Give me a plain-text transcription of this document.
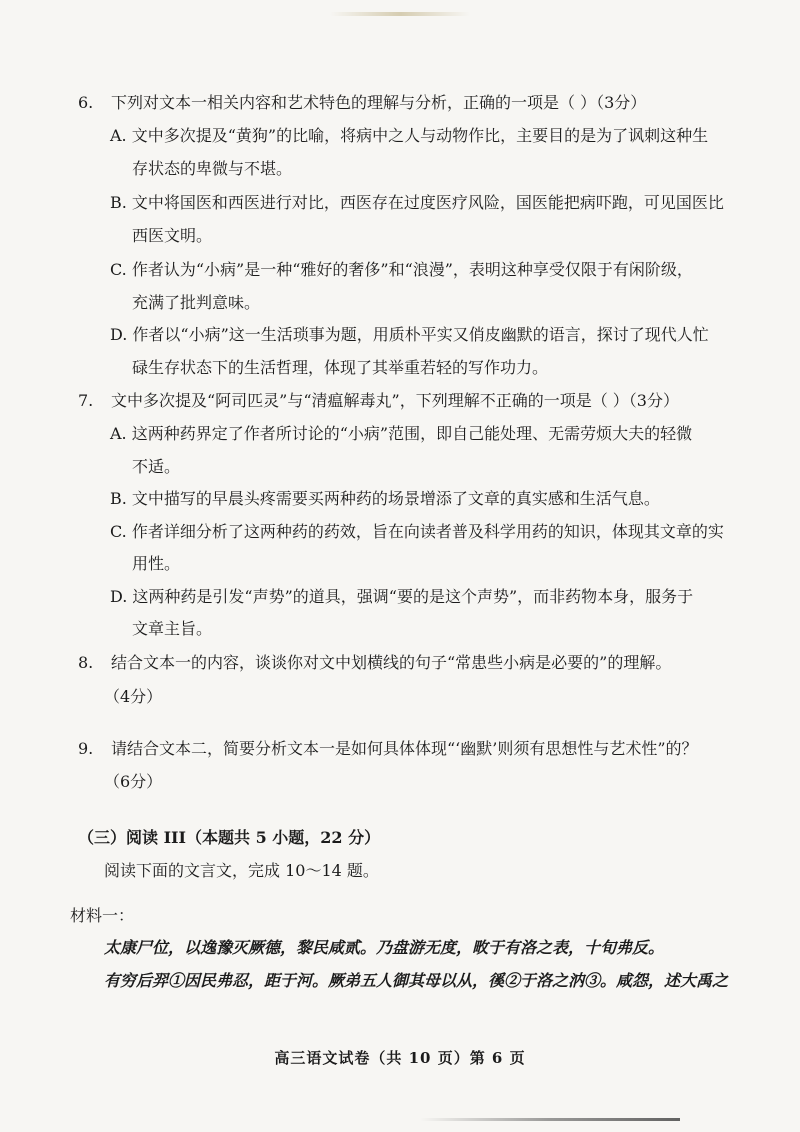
6. 下列对文本一相关内容和艺术特色的理解与分析，正确的一项是（ ）（3分）
A. 文中多次提及“黄狗”的比喻，将病中之人与动物作比，主要目的是为了讽刺这种生
存状态的卑微与不堪。
B. 文中将国医和西医进行对比，西医存在过度医疗风险，国医能把病吓跑，可见国医比
西医文明。
C. 作者认为“小病”是一种“雅好的奢侈”和“浪漫”，表明这种享受仅限于有闲阶级，
充满了批判意味。
D. 作者以“小病”这一生活琐事为题，用质朴平实又俏皮幽默的语言，探讨了现代人忙
碌生存状态下的生活哲理，体现了其举重若轻的写作功力。
7. 文中多次提及“阿司匹灵”与“清瘟解毒丸”，下列理解不正确的一项是（ ）（3分）
A. 这两种药界定了作者所讨论的“小病”范围，即自己能处理、无需劳烦大夫的轻微
不适。
B. 文中描写的早晨头疼需要买两种药的场景增添了文章的真实感和生活气息。
C. 作者详细分析了这两种药的药效，旨在向读者普及科学用药的知识，体现其文章的实
用性。
D. 这两种药是引发“声势”的道具，强调“要的是这个声势”，而非药物本身，服务于
文章主旨。
8. 结合文本一的内容，谈谈你对文中划横线的句子“常患些小病是必要的”的理解。
（4分）
9. 请结合文本二，简要分析文本一是如何具体体现“‘幽默’则须有思想性与艺术性”的？
（6分）
（三）阅读 III（本题共 5 小题，22 分）
阅读下面的文言文，完成 10～14 题。
材料一：
太康尸位，以逸豫灭厥德，黎民咸贰。乃盘游无度，畋于有洛之表，十旬弗反。
有穷后羿①因民弗忍，距于河。厥弟五人御其母以从，徯②于洛之汭③。咸怨，述大禹之
高三语文试卷（共 10 页）第 6 页
